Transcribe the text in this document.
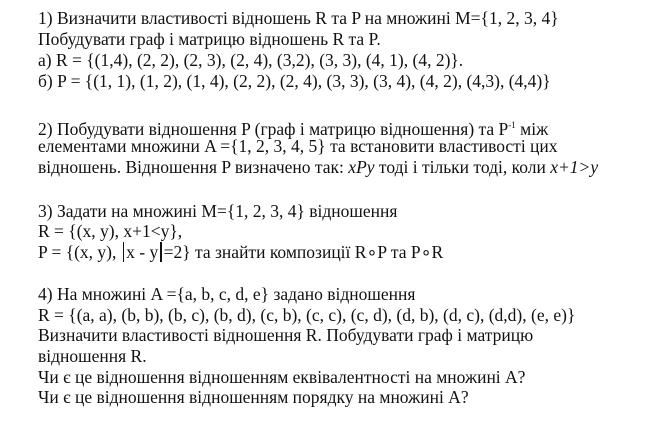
1) Визначити властивості відношень R та P на множині M={1, 2, 3, 4}
Побудувати граф і матрицю відношень R та P.
а) R = {(1,4), (2, 2), (2, 3), (2, 4), (3,2), (3, 3), (4, 1), (4, 2)}.
б) P = {(1, 1), (1, 2), (1, 4), (2, 2), (2, 4), (3, 3), (3, 4), (4, 2), (4,3), (4,4)}
2) Побудувати відношення P (граф і матрицю відношення) та $P^{-1}$ між
елементами множини A ={1, 2, 3, 4, 5} та встановити властивості цих
відношень. Відношення P визначено так: xPy тоді і тільки тоді, коли x+1>y
3) Задати на множині M={1, 2, 3, 4} відношення
R = {(x, y), x+1<y},
P = {(x, y), x - y =2} та знайти композиції R∘P та P∘R
4) На множині A ={a, b, c, d, e} задано відношення
R = {(a, a), (b, b), (b, c), (b, d), (c, b), (c, c), (c, d), (d, b), (d, c), (d,d), (e, e)}
Визначити властивості відношення R. Побудувати граф і матрицю
відношення R.
Чи є це відношення відношенням еквівалентності на множині A?
Чи є це відношення відношенням порядку на множині A?
